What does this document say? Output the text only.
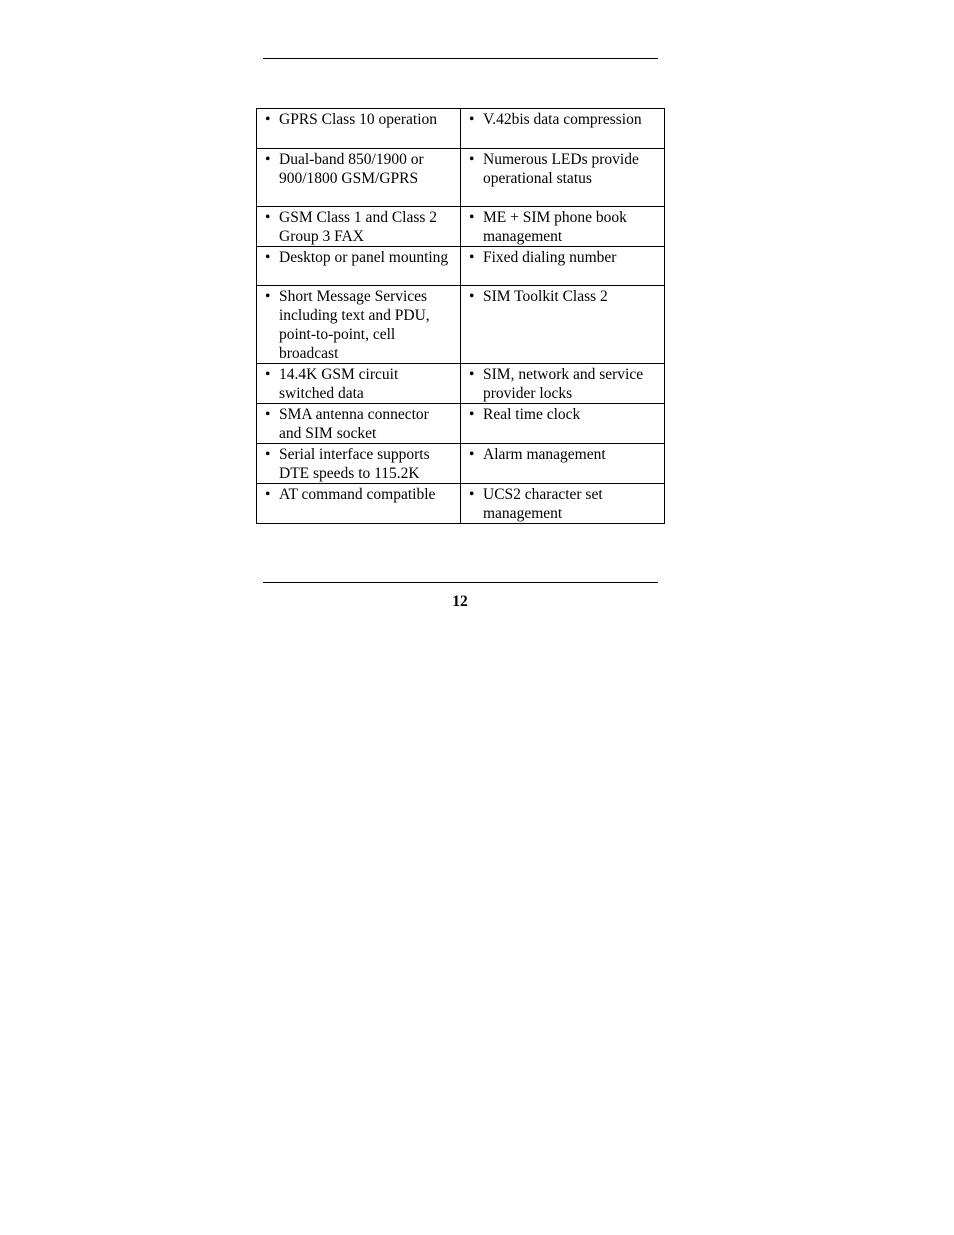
• GPRS Class 10 operation	• V.42bis data compression

• Dual-band 850/1900 or 900/1800 GSM/GPRS	• Numerous LEDs provide operational status

• GSM Class 1 and Class 2 Group 3 FAX	• ME + SIM phone book management

• Desktop or panel mounting	• Fixed dialing number

• Short Message Services including text and PDU, point-to-point, cell broadcast	• SIM Toolkit Class 2

• 14.4K GSM circuit switched data	• SIM, network and service provider locks

• SMA antenna connector and SIM socket	• Real time clock

• Serial interface supports DTE speeds to 115.2K	• Alarm management

• AT command compatible	• UCS2 character set management
12
